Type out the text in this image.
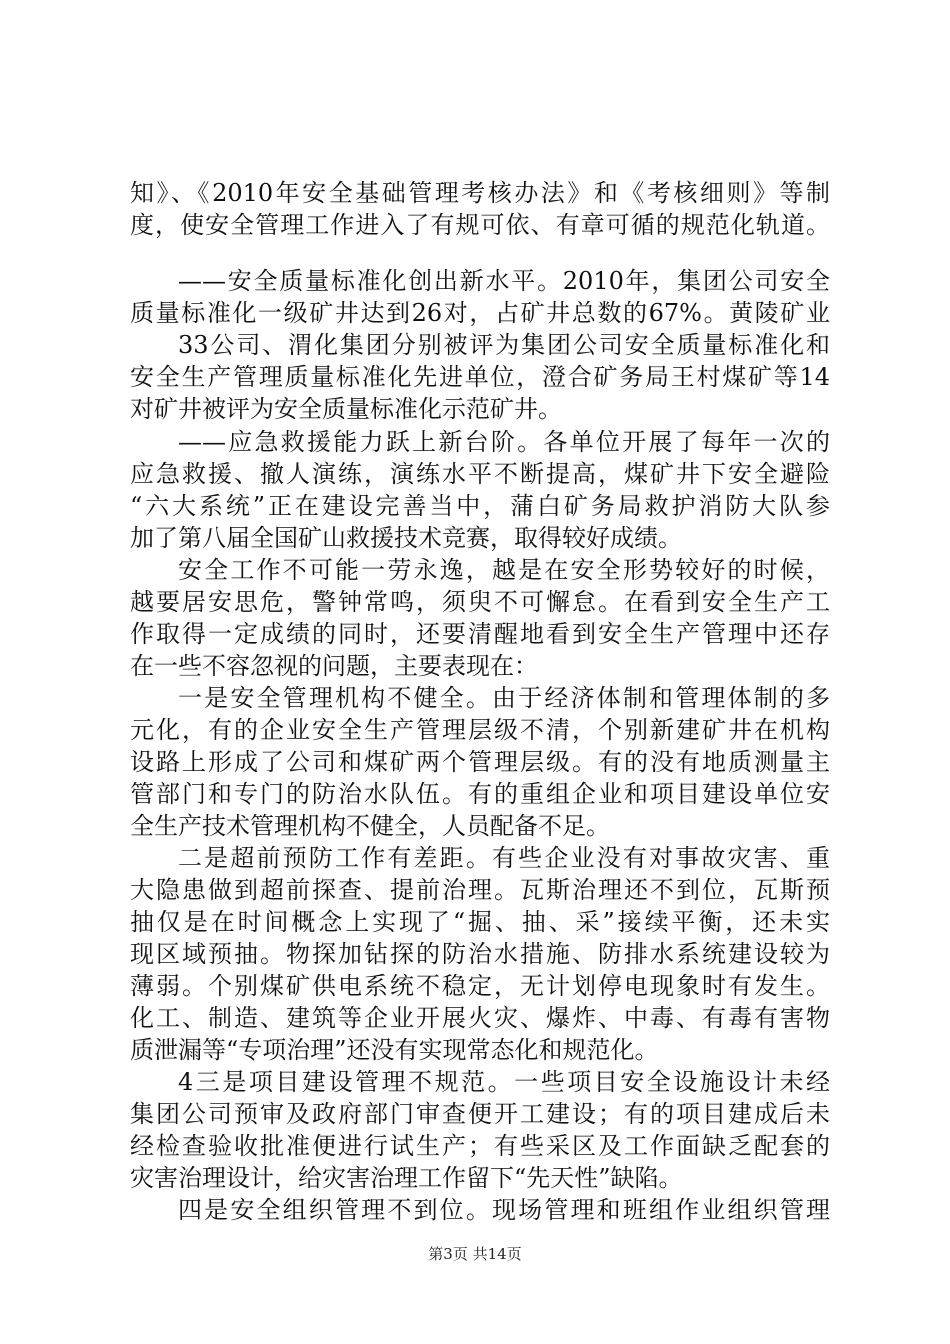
知》、《2010年安全基础管理考核办法》和《考核细则》等制
度，使安全管理工作进入了有规可依、有章可循的规范化轨道。
——安全质量标准化创出新水平。2010年，集团公司安全
质量标准化一级矿井达到26对，占矿井总数的67%。黄陵矿业
33公司、渭化集团分别被评为集团公司安全质量标准化和
安全生产管理质量标准化先进单位，澄合矿务局王村煤矿等14
对矿井被评为安全质量标准化示范矿井。
——应急救援能力跃上新台阶。各单位开展了每年一次的
应急救援、撤人演练，演练水平不断提高，煤矿井下安全避险
“六大系统”正在建设完善当中，蒲白矿务局救护消防大队参
加了第八届全国矿山救援技术竞赛，取得较好成绩。
安全工作不可能一劳永逸，越是在安全形势较好的时候，
越要居安思危，警钟常鸣，须臾不可懈怠。在看到安全生产工
作取得一定成绩的同时，还要清醒地看到安全生产管理中还存
在一些不容忽视的问题，主要表现在：
一是安全管理机构不健全。由于经济体制和管理体制的多
元化，有的企业安全生产管理层级不清，个别新建矿井在机构
设路上形成了公司和煤矿两个管理层级。有的没有地质测量主
管部门和专门的防治水队伍。有的重组企业和项目建设单位安
全生产技术管理机构不健全，人员配备不足。
二是超前预防工作有差距。有些企业没有对事故灾害、重
大隐患做到超前探查、提前治理。瓦斯治理还不到位，瓦斯预
抽仅是在时间概念上实现了“掘、抽、采”接续平衡，还未实
现区域预抽。物探加钻探的防治水措施、防排水系统建设较为
薄弱。个别煤矿供电系统不稳定，无计划停电现象时有发生。
化工、制造、建筑等企业开展火灾、爆炸、中毒、有毒有害物
质泄漏等“专项治理”还没有实现常态化和规范化。
4三是项目建设管理不规范。一些项目安全设施设计未经
集团公司预审及政府部门审查便开工建设；有的项目建成后未
经检查验收批准便进行试生产；有些采区及工作面缺乏配套的
灾害治理设计，给灾害治理工作留下“先天性”缺陷。
四是安全组织管理不到位。现场管理和班组作业组织管理
第3页 共14页
